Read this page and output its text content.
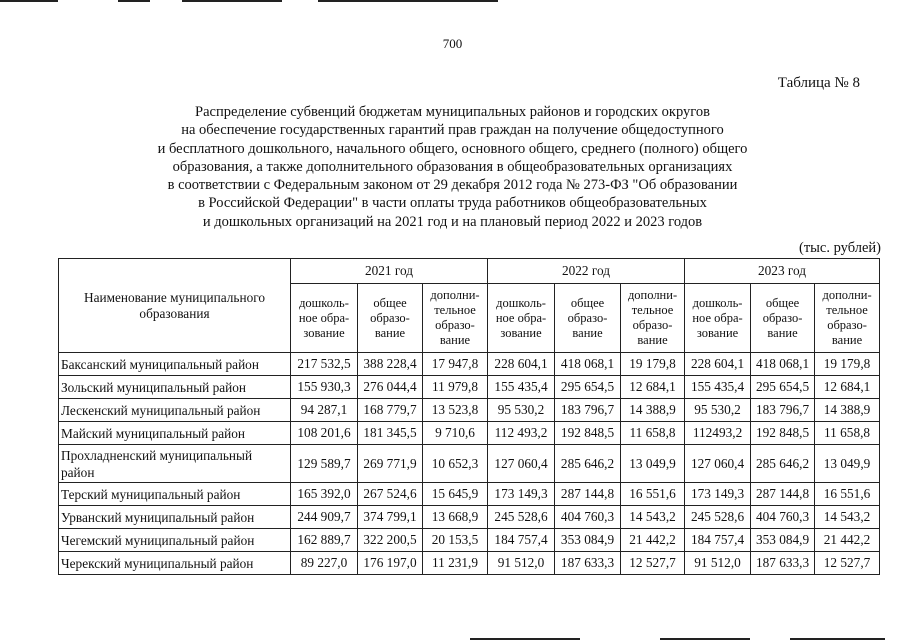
700
Таблица № 8
Распределение субвенций бюджетам муниципальных районов и городских округов
на обеспечение государственных гарантий прав граждан на получение общедоступного
и бесплатного дошкольного, начального общего, основного общего, среднего (полного) общего
образования, а также дополнительного образования в общеобразовательных организациях
в соответствии с Федеральным законом от 29 декабря 2012 года № 273-ФЗ "Об образовании
в Российской Федерации" в части оплаты труда работников общеобразовательных
и дошкольных организаций на 2021 год и на плановый период 2022 и 2023 годов
(тыс. рублей)
Наименование муниципального образования	2021 год			2022 год			2023 год		
	дошколь-ное обра-зование	общее образо-вание	дополни-тельное образо-вание	дошколь-ное обра-зование	общее образо-вание	дополни-тельное образо-вание	дошколь-ное обра-зование	общее образо-вание	дополни-тельное образо-вание
Баксанский муниципальный район	217 532,5	388 228,4	17 947,8	228 604,1	418 068,1	19 179,8	228 604,1	418 068,1	19 179,8
Зольский муниципальный район	155 930,3	276 044,4	11 979,8	155 435,4	295 654,5	12 684,1	155 435,4	295 654,5	12 684,1
Лескенский муниципальный район	94 287,1	168 779,7	13 523,8	95 530,2	183 796,7	14 388,9	95 530,2	183 796,7	14 388,9
Майский муниципальный район	108 201,6	181 345,5	9 710,6	112 493,2	192 848,5	11 658,8	112493,2	192 848,5	11 658,8
Прохладненский муниципальный район	129 589,7	269 771,9	10 652,3	127 060,4	285 646,2	13 049,9	127 060,4	285 646,2	13 049,9
Терский муниципальный район	165 392,0	267 524,6	15 645,9	173 149,3	287 144,8	16 551,6	173 149,3	287 144,8	16 551,6
Урванский муниципальный район	244 909,7	374 799,1	13 668,9	245 528,6	404 760,3	14 543,2	245 528,6	404 760,3	14 543,2
Чегемский муниципальный район	162 889,7	322 200,5	20 153,5	184 757,4	353 084,9	21 442,2	184 757,4	353 084,9	21 442,2
Черекский муниципальный район	89 227,0	176 197,0	11 231,9	91 512,0	187 633,3	12 527,7	91 512,0	187 633,3	12 527,7
